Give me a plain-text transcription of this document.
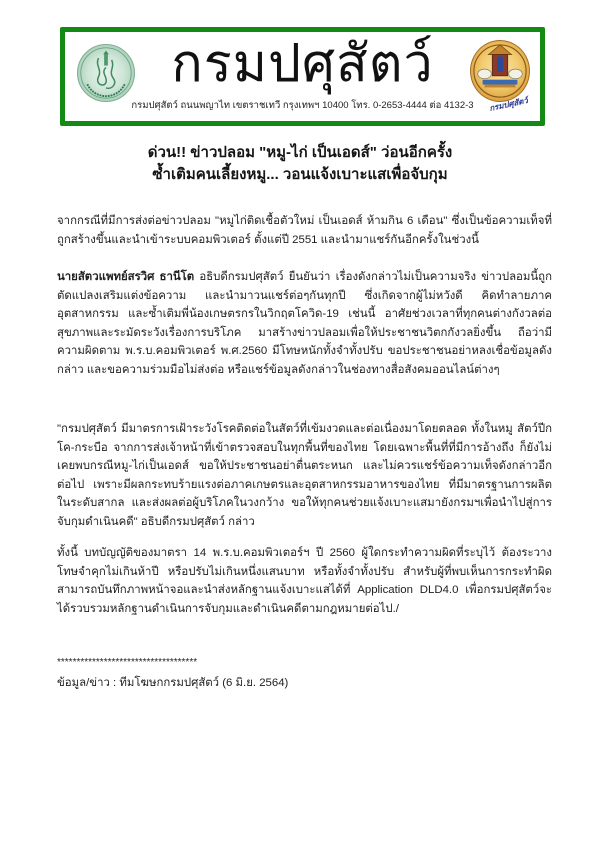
กรมปศุสัตว์
กรมปศุสัตว์ ถนนพญาไท เขตราชเทวี กรุงเทพฯ 10400 โทร. 0-2653-4444 ต่อ 4132-3	กรมปศุสัตว์
ด่วน!! ข่าวปลอม "หมู-ไก่ เป็นเอดส์" ว่อนอีกครั้ง
ซ้ำเติมคนเลี้ยงหมู... วอนแจ้งเบาะแสเพื่อจับกุม

จากกรณีที่มีการส่งต่อข่าวปลอม "หมูไก่ติดเชื้อตัวใหม่ เป็นเอดส์ ห้ามกิน 6 เดือน" ซึ่งเป็นข้อความเท็จที่ถูกสร้างขึ้นและนำเข้าระบบคอมพิวเตอร์ ตั้งแต่ปี 2551 และนำมาแชร์กันอีกครั้งในช่วงนี้

นายสัตวแพทย์สรวิศ ธานีโต อธิบดีกรมปศุสัตว์ ยืนยันว่า เรื่องดังกล่าวไม่เป็นความจริง ข่าวปลอมนี้ถูกตัดแปลงเสริมแต่งข้อความ และนำมาวนแชร์ต่อๆกันทุกปี ซึ่งเกิดจากผู้ไม่หวังดี คิดทำลายภาคอุตสาหกรรม และซ้ำเติมพี่น้องเกษตรกรในวิกฤตโควิด-19 เช่นนี้ อาศัยช่วงเวลาที่ทุกคนต่างกังวลต่อสุขภาพและระมัดระวังเรื่องการบริโภค มาสร้างข่าวปลอมเพื่อให้ประชาชนวิตกกังวลยิ่งขึ้น ถือว่ามีความผิดตาม พ.ร.บ.คอมพิวเตอร์ พ.ศ.2560 มีโทษหนักทั้งจำทั้งปรับ ขอประชาชนอย่าหลงเชื่อข้อมูลดังกล่าว และขอความร่วมมือไม่ส่งต่อ หรือแชร์ข้อมูลดังกล่าวในช่องทางสื่อสังคมออนไลน์ต่างๆ

"กรมปศุสัตว์ มีมาตรการเฝ้าระวังโรคติดต่อในสัตว์ที่เข้มงวดและต่อเนื่องมาโดยตลอด ทั้งในหมู สัตว์ปีก โค-กระบือ จากการส่งเจ้าหน้าที่เข้าตรวจสอบในทุกพื้นที่ของไทย โดยเฉพาะพื้นที่ที่มีการอ้างถึง ก็ยังไม่เคยพบกรณีหมู-ไก่เป็นเอดส์ ขอให้ประชาชนอย่าตื่นตระหนก และไม่ควรแชร์ข้อความเท็จดังกล่าวอีกต่อไป เพราะมีผลกระทบร้ายแรงต่อภาคเกษตรและอุตสาหกรรมอาหารของไทย ที่มีมาตรฐานการผลิตในระดับสากล และส่งผลต่อผู้บริโภคในวงกว้าง ขอให้ทุกคนช่วยแจ้งเบาะแสมายังกรมฯเพื่อนำไปสู่การจับกุมดำเนินคดี" อธิบดีกรมปศุสัตว์ กล่าว

ทั้งนี้ บทบัญญัติของมาตรา 14 พ.ร.บ.คอมพิวเตอร์ฯ ปี 2560 ผู้ใดกระทำความผิดที่ระบุไว้ ต้องระวางโทษจำคุกไม่เกินห้าปี หรือปรับไม่เกินหนึ่งแสนบาท หรือทั้งจำทั้งปรับ สำหรับผู้ที่พบเห็นการกระทำผิด สามารถบันทึกภาพหน้าจอและนำส่งหลักฐานแจ้งเบาะแสได้ที่ Application DLD4.0 เพื่อกรมปศุสัตว์จะได้รวบรวมหลักฐานดำเนินการจับกุมและดำเนินคดีตามกฎหมายต่อไป./

************************************
ข้อมูล/ข่าว : ทีมโฆษกกรมปศุสัตว์ (6 มิ.ย. 2564)
